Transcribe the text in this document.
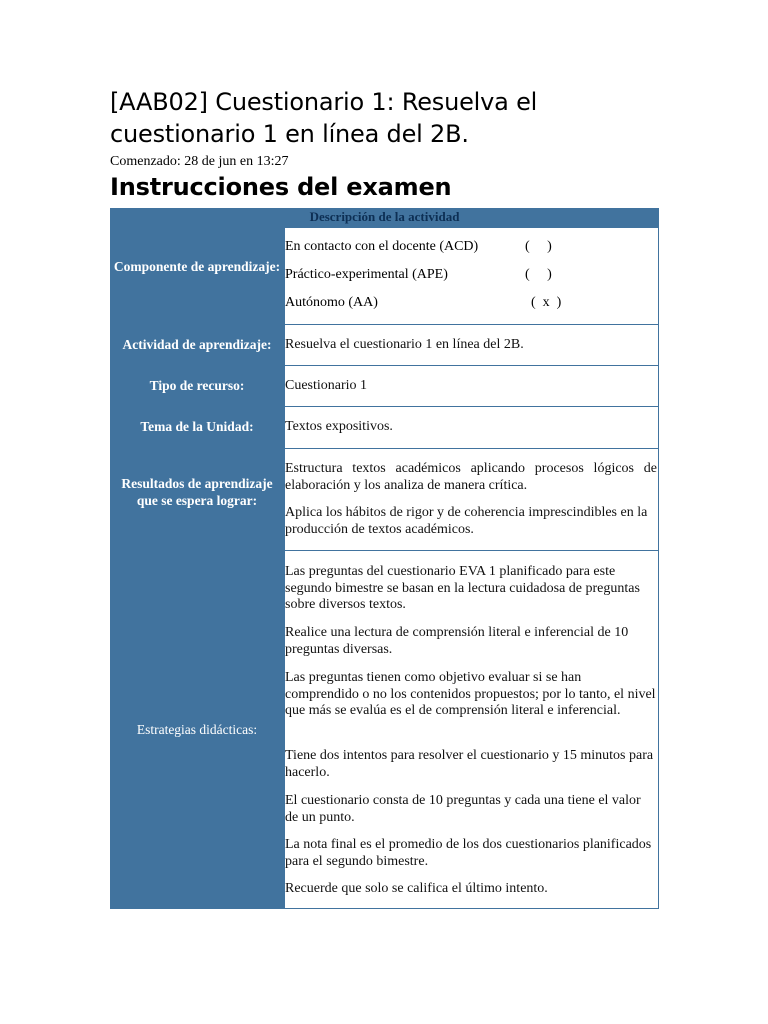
[AAB02] Cuestionario 1: Resuelva el cuestionario 1 en línea del 2B.
Comenzado: 28 de jun en 13:27
Instrucciones del examen
Descripción de la actividad
Componente de aprendizaje:
En contacto con el docente (ACD)	(     )
Práctico-experimental (APE)	(     )
Autónomo (AA)	(  x  )
Actividad de aprendizaje: Resuelva el cuestionario 1 en línea del 2B.
Tipo de recurso:	Cuestionario 1
Tema de la Unidad:	Textos expositivos.
Resultados de aprendizaje que se espera lograr:
Estructura textos académicos aplicando procesos lógicos de elaboración y los analiza de manera crítica.
Aplica los hábitos de rigor y de coherencia imprescindibles en la producción de textos académicos.
Estrategias didácticas:
Las preguntas del cuestionario EVA 1 planificado para este segundo bimestre se basan en la lectura cuidadosa de preguntas sobre diversos textos.
Realice una lectura de comprensión literal e inferencial de 10 preguntas diversas.
Las preguntas tienen como objetivo evaluar si se han comprendido o no los contenidos propuestos; por lo tanto, el nivel que más se evalúa es el de comprensión literal e inferencial.
Tiene dos intentos para resolver el cuestionario y 15 minutos para hacerlo.
El cuestionario consta de 10 preguntas y cada una tiene el valor de un punto.
La nota final es el promedio de los dos cuestionarios planificados para el segundo bimestre.
Recuerde que solo se califica el último intento.
